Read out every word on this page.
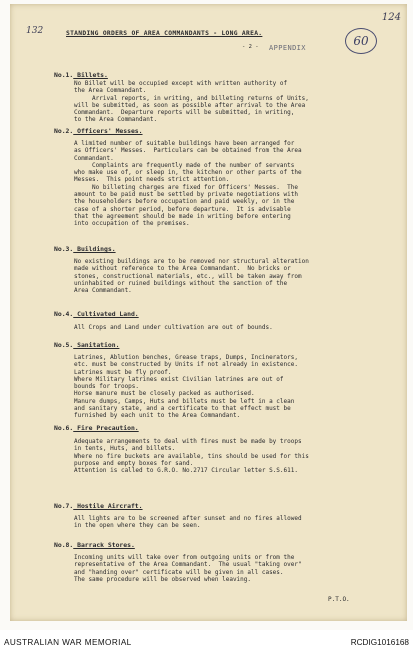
132
124
60
STANDING ORDERS OF AREA COMMANDANTS - LONG AREA.
- 2 - APPENDIX
No.1. Billets.
No Billet will be occupied except with written authority of
the Area Commandant.
Arrival reports, in writing, and billeting returns of Units,
will be submitted, as soon as possible after arrival to the Area
Commandant.  Departure reports will be submitted, in writing,
to the Area Commandant.
No.2. Officers' Messes.
A limited number of suitable buildings have been arranged for
as Officers' Messes.  Particulars can be obtained from the Area
Commandant.
Complaints are frequently made of the number of servants
who make use of, or sleep in, the kitchen or other parts of the
Messes.  This point needs strict attention.
No billeting charges are fixed for Officers' Messes.  The
amount to be paid must be settled by private negotiations with
the householders before occupation and paid weekly, or in the
case of a shorter period, before departure.  It is advisable
that the agreement should be made in writing before entering
into occupation of the premises.
No.3. Buildings.
No existing buildings are to be removed nor structural alteration
made without reference to the Area Commandant.  No bricks or
stones, constructional materials, etc., will be taken away from
uninhabited or ruined buildings without the sanction of the
Area Commandant.
No.4. Cultivated Land.
All Crops and Land under cultivation are out of bounds.
No.5. Sanitation.
Latrines, Ablution benches, Grease traps, Dumps, Incinerators,
etc. must be constructed by Units if not already in existence.
Latrines must be fly proof.
Where Military latrines exist Civilian latrines are out of
bounds for troops.
Horse manure must be closely packed as authorised.
Manure dumps, Camps, Huts and billets must be left in a clean
and sanitary state, and a certificate to that effect must be
furnished by each unit to the Area Commandant.
No.6. Fire Precaution.
Adequate arrangements to deal with fires must be made by troops
in tents, Huts, and billets.
Where no fire buckets are available, tins should be used for this
purpose and empty boxes for sand.
Attention is called to G.R.O. No.2717 Circular letter S.S.611.
No.7. Hostile Aircraft.
All lights are to be screened after sunset and no fires allowed
in the open where they can be seen.
No.8. Barrack Stores.
Incoming units will take over from outgoing units or from the
representative of the Area Commandant.  The usual "taking over"
and "handing over" certificate will be given in all cases.
The same procedure will be observed when leaving.
P.T.O.
AUSTRALIAN WAR MEMORIAL	RCDIG1016168
